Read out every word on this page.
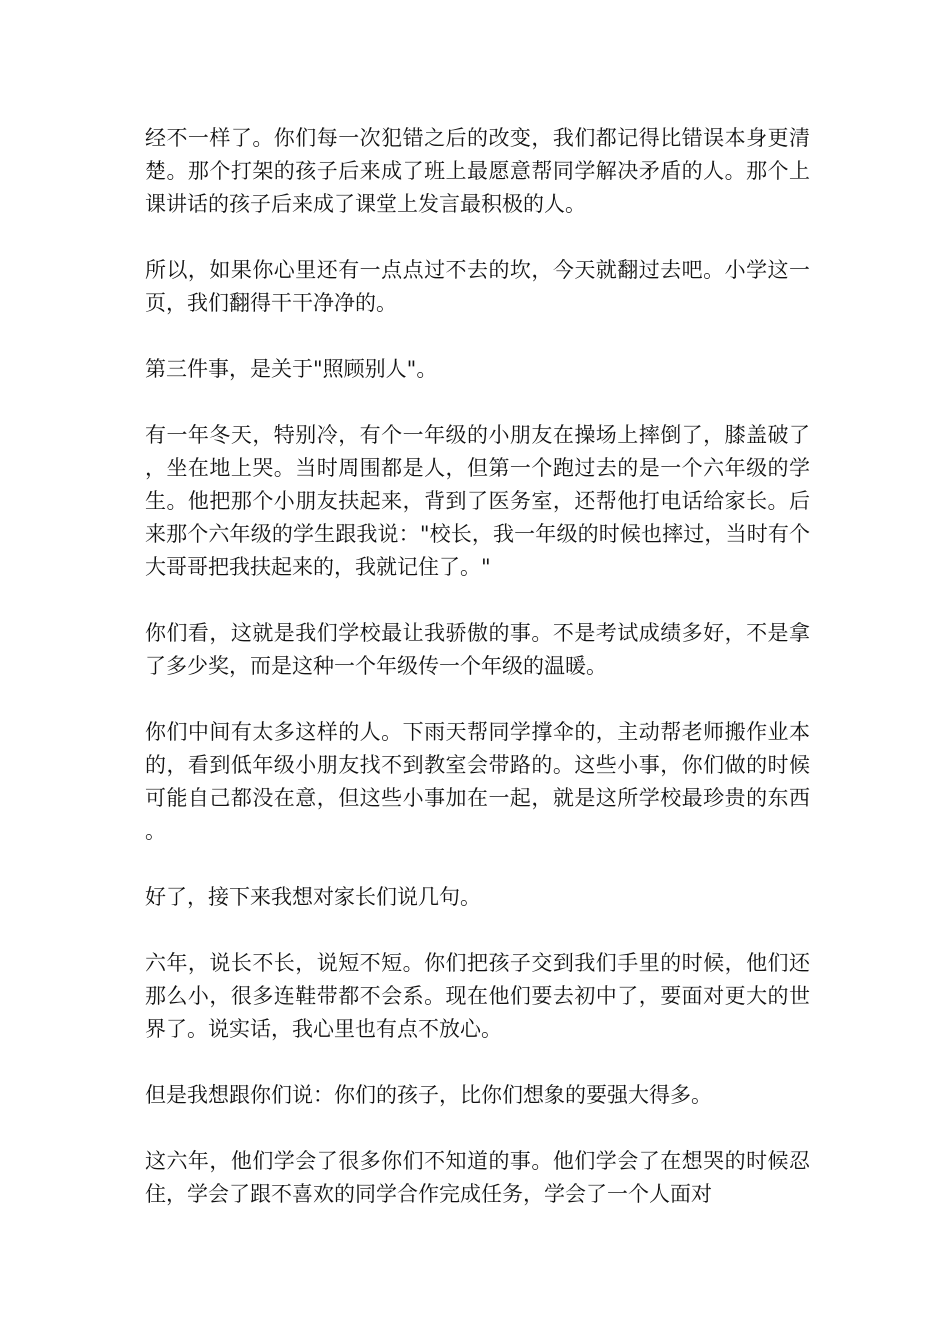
经不一样了。你们每一次犯错之后的改变，我们都记得比错误本身更清楚。那个打架的孩子后来成了班上最愿意帮同学解决矛盾的人。那个上课讲话的孩子后来成了课堂上发言最积极的人。

所以，如果你心里还有一点点过不去的坎，今天就翻过去吧。小学这一页，我们翻得干干净净的。

第三件事，是关于"照顾别人"。

有一年冬天，特别冷，有个一年级的小朋友在操场上摔倒了，膝盖破了，坐在地上哭。当时周围都是人，但第一个跑过去的是一个六年级的学生。他把那个小朋友扶起来，背到了医务室，还帮他打电话给家长。后来那个六年级的学生跟我说："校长，我一年级的时候也摔过，当时有个大哥哥把我扶起来的，我就记住了。"

你们看，这就是我们学校最让我骄傲的事。不是考试成绩多好，不是拿了多少奖，而是这种一个年级传一个年级的温暖。

你们中间有太多这样的人。下雨天帮同学撑伞的，主动帮老师搬作业本的，看到低年级小朋友找不到教室会带路的。这些小事，你们做的时候可能自己都没在意，但这些小事加在一起，就是这所学校最珍贵的东西。

好了，接下来我想对家长们说几句。

六年，说长不长，说短不短。你们把孩子交到我们手里的时候，他们还那么小，很多连鞋带都不会系。现在他们要去初中了，要面对更大的世界了。说实话，我心里也有点不放心。

但是我想跟你们说：你们的孩子，比你们想象的要强大得多。

这六年，他们学会了很多你们不知道的事。他们学会了在想哭的时候忍住，学会了跟不喜欢的同学合作完成任务，学会了一个人面对
